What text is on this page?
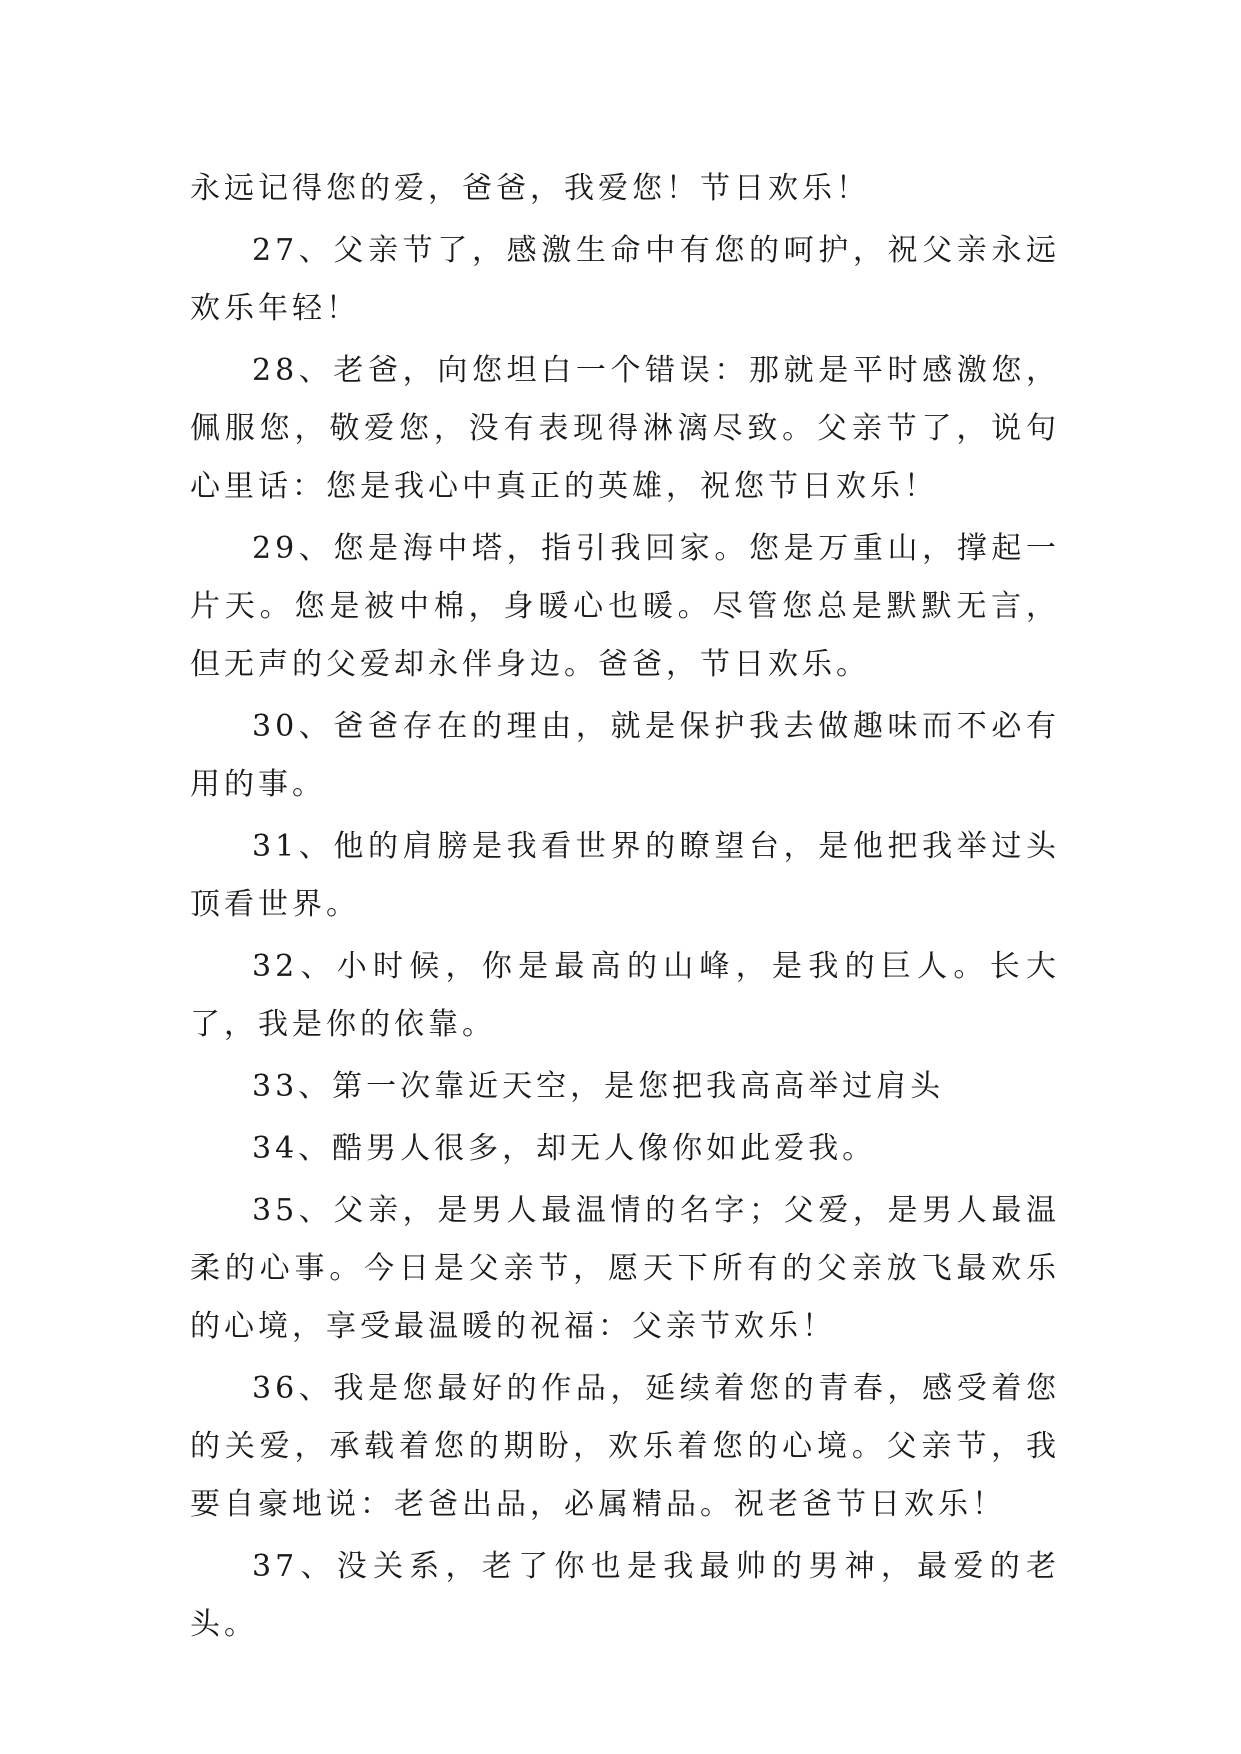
永远记得您的爱，爸爸，我爱您！节日欢乐！

27、父亲节了，感激生命中有您的呵护，祝父亲永远欢乐年轻！

28、老爸，向您坦白一个错误：那就是平时感激您，佩服您，敬爱您，没有表现得淋漓尽致。父亲节了，说句心里话：您是我心中真正的英雄，祝您节日欢乐！

29、您是海中塔，指引我回家。您是万重山，撑起一片天。您是被中棉，身暖心也暖。尽管您总是默默无言，但无声的父爱却永伴身边。爸爸，节日欢乐。

30、爸爸存在的理由，就是保护我去做趣味而不必有用的事。

31、他的肩膀是我看世界的瞭望台，是他把我举过头顶看世界。

32、小时候，你是最高的山峰，是我的巨人。长大了，我是你的依靠。

33、第一次靠近天空，是您把我高高举过肩头

34、酷男人很多，却无人像你如此爱我。

35、父亲，是男人最温情的名字；父爱，是男人最温柔的心事。今日是父亲节，愿天下所有的父亲放飞最欢乐的心境，享受最温暖的祝福：父亲节欢乐！

36、我是您最好的作品，延续着您的青春，感受着您的关爱，承载着您的期盼，欢乐着您的心境。父亲节，我要自豪地说：老爸出品，必属精品。祝老爸节日欢乐！

37、没关系，老了你也是我最帅的男神，最爱的老头。
